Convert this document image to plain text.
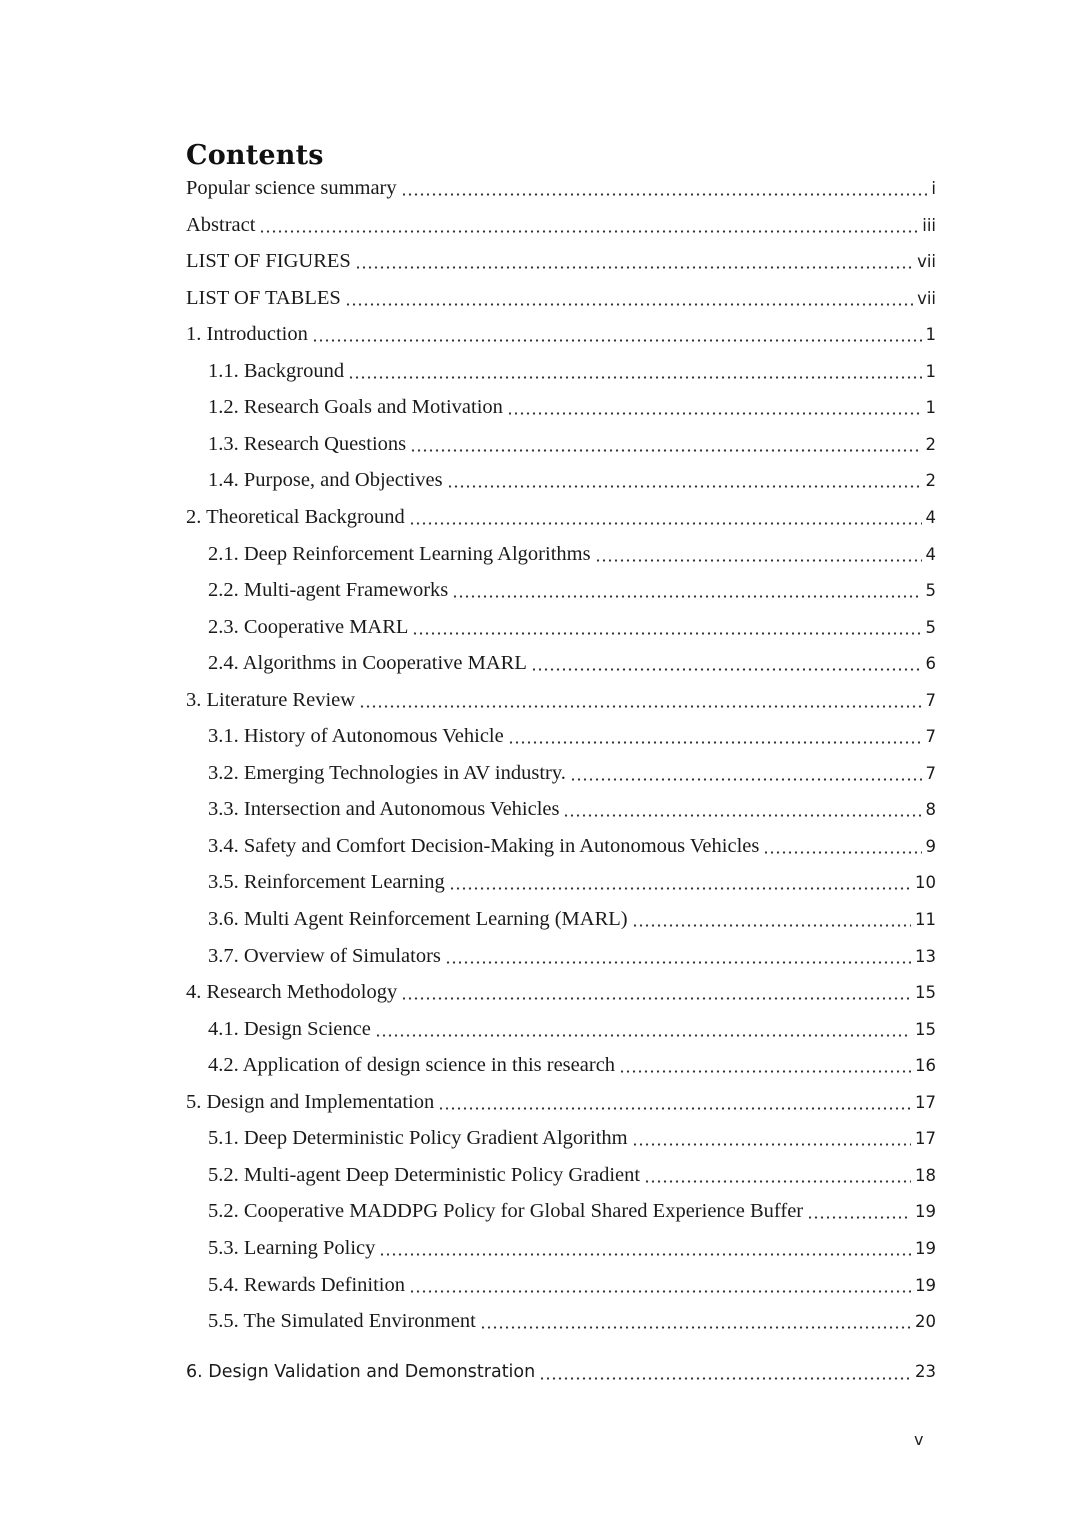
Contents
Popular science summary	i
Abstract	iii
LIST OF FIGURES	vii
LIST OF TABLES	vii
1. Introduction	1
1.1. Background	1
1.2. Research Goals and Motivation	1
1.3. Research Questions	2
1.4. Purpose, and Objectives	2
2. Theoretical Background	4
2.1. Deep Reinforcement Learning Algorithms	4
2.2. Multi-agent Frameworks	5
2.3. Cooperative MARL	5
2.4. Algorithms in Cooperative MARL	6
3. Literature Review	7
3.1. History of Autonomous Vehicle	7
3.2. Emerging Technologies in AV industry.	7
3.3. Intersection and Autonomous Vehicles	8
3.4. Safety and Comfort Decision-Making in Autonomous Vehicles	9
3.5. Reinforcement Learning	10
3.6. Multi Agent Reinforcement Learning (MARL)	11
3.7. Overview of Simulators	13
4. Research Methodology	15
4.1. Design Science	15
4.2. Application of design science in this research	16
5. Design and Implementation	17
5.1. Deep Deterministic Policy Gradient Algorithm	17
5.2. Multi-agent Deep Deterministic Policy Gradient	18
5.2. Cooperative MADDPG Policy for Global Shared Experience Buffer	19
5.3. Learning Policy	19
5.4. Rewards Definition	19
5.5. The Simulated Environment	20
6. Design Validation and Demonstration	23
v
